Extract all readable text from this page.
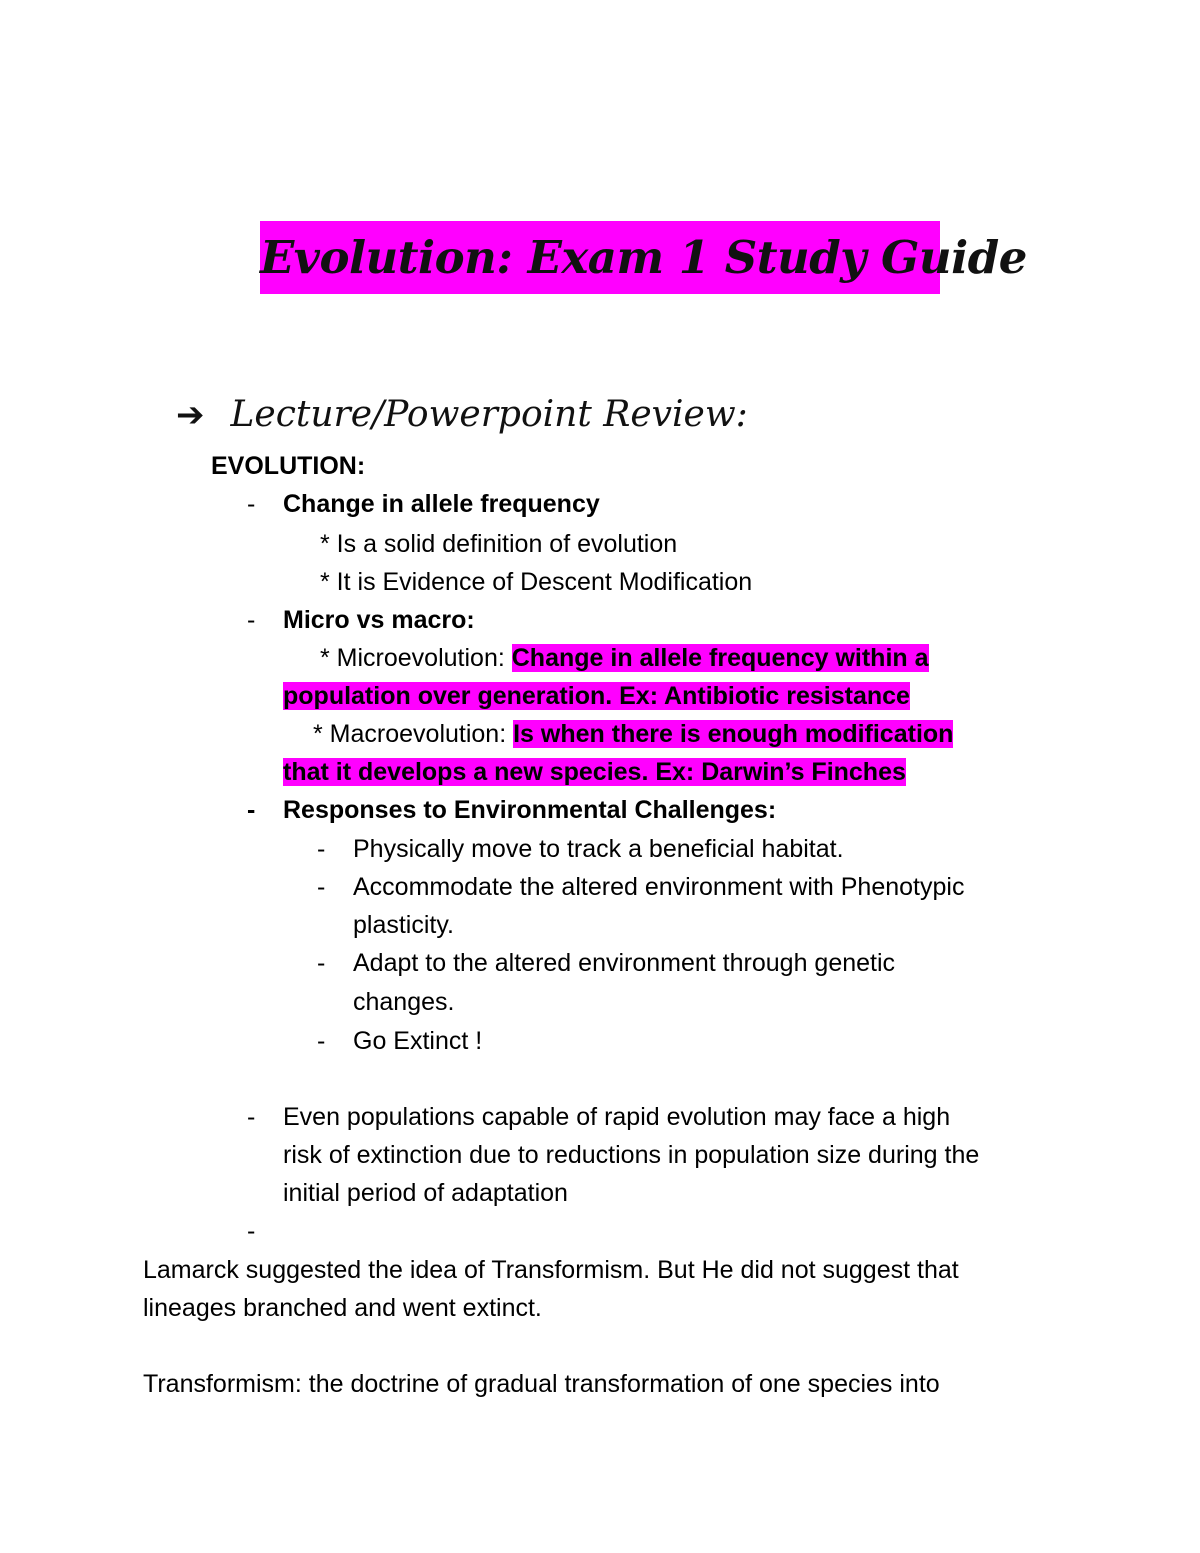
Evolution: Exam 1 Study Guide
➔ Lecture/Powerpoint Review:
EVOLUTION:
- Change in allele frequency
* Is a solid definition of evolution
* It is Evidence of Descent Modification
- Micro vs macro:
* Microevolution: Change in allele frequency within a
population over generation. Ex: Antibiotic resistance
* Macroevolution: Is when there is enough modification
that it develops a new species. Ex: Darwin’s Finches
- Responses to Environmental Challenges:
- Physically move to track a beneficial habitat.
- Accommodate the altered environment with Phenotypic
plasticity.
- Adapt to the altered environment through genetic
changes.
- Go Extinct !
- Even populations capable of rapid evolution may face a high
risk of extinction due to reductions in population size during the
initial period of adaptation
-
Lamarck suggested the idea of Transformism. But He did not suggest that
lineages branched and went extinct.
Transformism: the doctrine of gradual transformation of one species into
